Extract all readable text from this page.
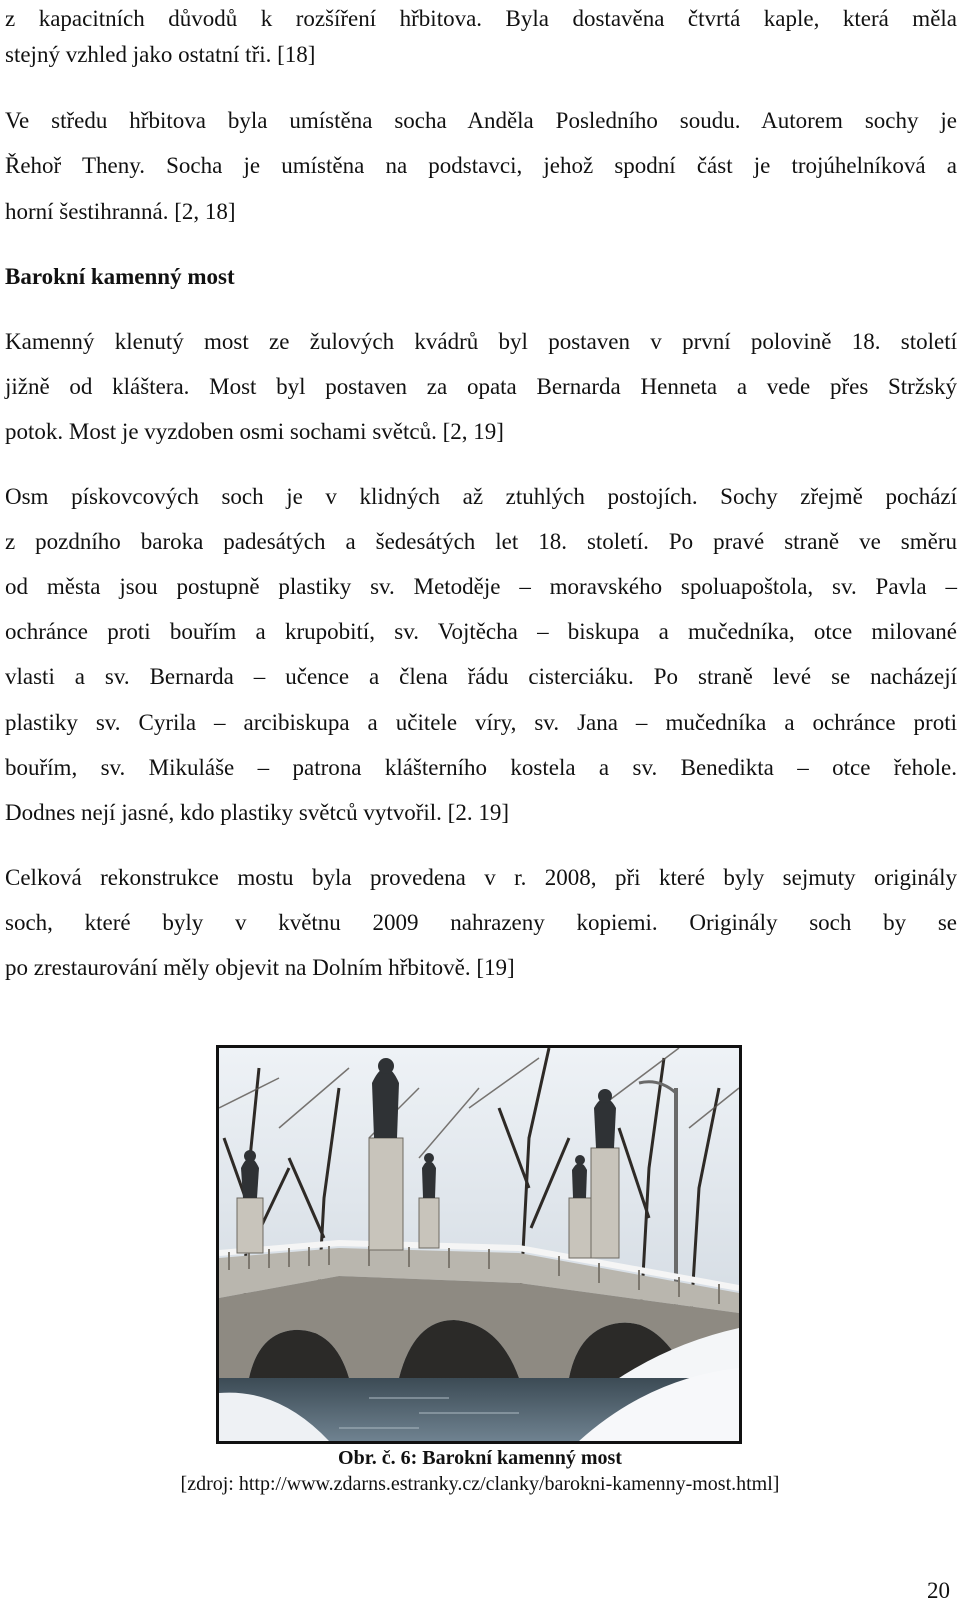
z kapacitních důvodů k rozšíření hřbitova. Byla dostavěna čtvrtá kaple, která měla
stejný vzhled jako ostatní tři. [18]
Ve středu hřbitova byla umístěna socha Anděla Posledního soudu. Autorem sochy je
Řehoř Theny. Socha je umístěna na podstavci, jehož spodní část je trojúhelníková a
horní šestihranná. [2, 18]
Barokní kamenný most
Kamenný klenutý most ze žulových kvádrů byl postaven v první polovině 18. století
jižně od kláštera. Most byl postaven za opata Bernarda Henneta a vede přes Stržský
potok. Most je vyzdoben osmi sochami světců. [2, 19]
Osm pískovcových soch je v klidných až ztuhlých postojích. Sochy zřejmě pochází
z pozdního baroka padesátých a šedesátých let 18. století. Po pravé straně ve směru
od města jsou postupně plastiky sv. Metoděje – moravského spoluapoštola, sv. Pavla –
ochránce proti bouřím a krupobití, sv. Vojtěcha – biskupa a mučedníka, otce milované
vlasti a sv. Bernarda – učence a člena řádu cisterciáku. Po straně levé se nacházejí
plastiky sv. Cyrila – arcibiskupa a učitele víry, sv. Jana – mučedníka a ochránce proti
bouřím, sv. Mikuláše – patrona klášterního kostela a sv. Benedikta – otce řehole.
Dodnes nejí jasné, kdo plastiky světců vytvořil. [2. 19]
Celková rekonstrukce mostu byla provedena v r. 2008, při které byly sejmuty originály
soch, které byly v květnu 2009 nahrazeny kopiemi. Originály soch by se
po zrestaurování měly objevit na Dolním hřbitově. [19]
Obr. č. 6: Barokní kamenný most
[zdroj: http://www.zdarns.estranky.cz/clanky/barokni-kamenny-most.html]
20
